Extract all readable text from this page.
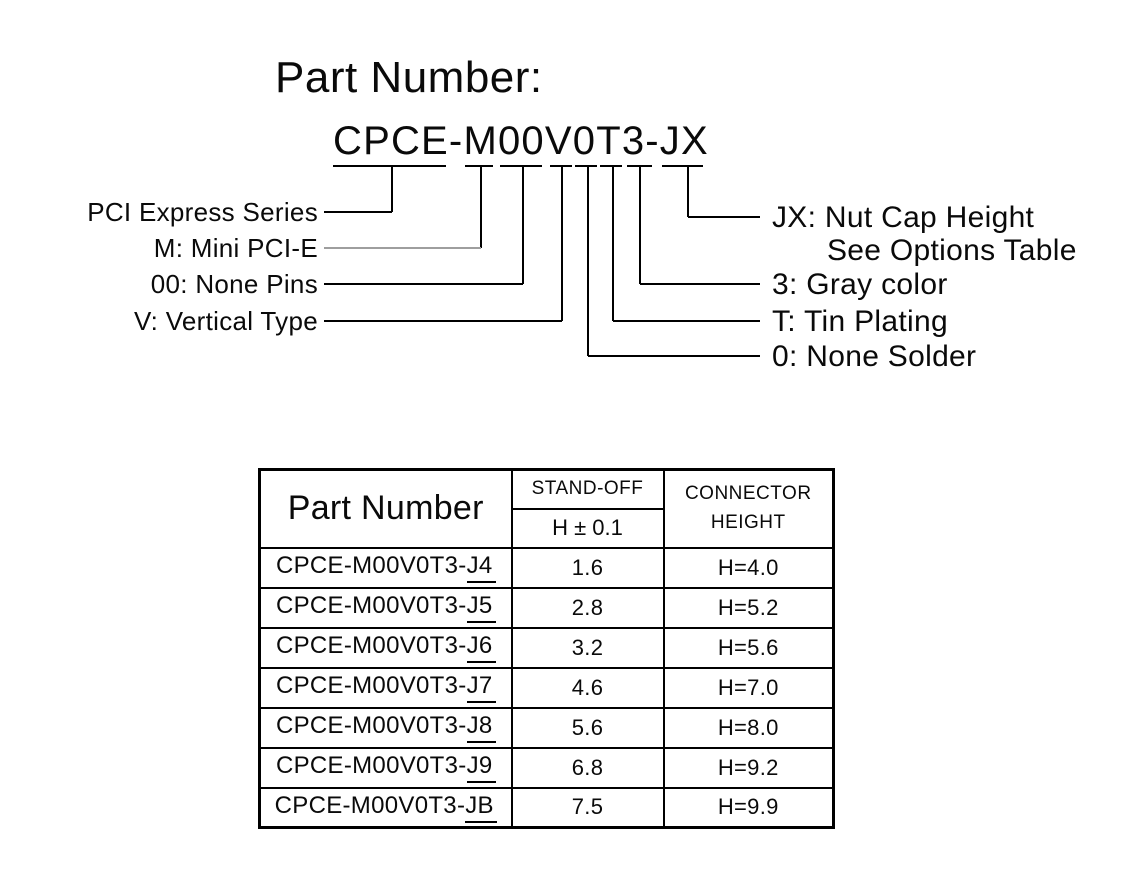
Part Number:
CPCE-M00V0T3-JX
PCI Express Series
M: Mini PCI-E
00: None Pins
V: Vertical Type
JX: Nut Cap Height
See Options Table
3: Gray color
T: Tin Plating
0: None Solder
Part Number	STAND-OFF	CONNECTOR
HEIGHT

	H ± 0.1	
CPCE-M00V0T3-J4	1.6	H=4.0
CPCE-M00V0T3-J5	2.8	H=5.2
CPCE-M00V0T3-J6	3.2	H=5.6
CPCE-M00V0T3-J7	4.6	H=7.0
CPCE-M00V0T3-J8	5.6	H=8.0
CPCE-M00V0T3-J9	6.8	H=9.2
CPCE-M00V0T3-JB	7.5	H=9.9
